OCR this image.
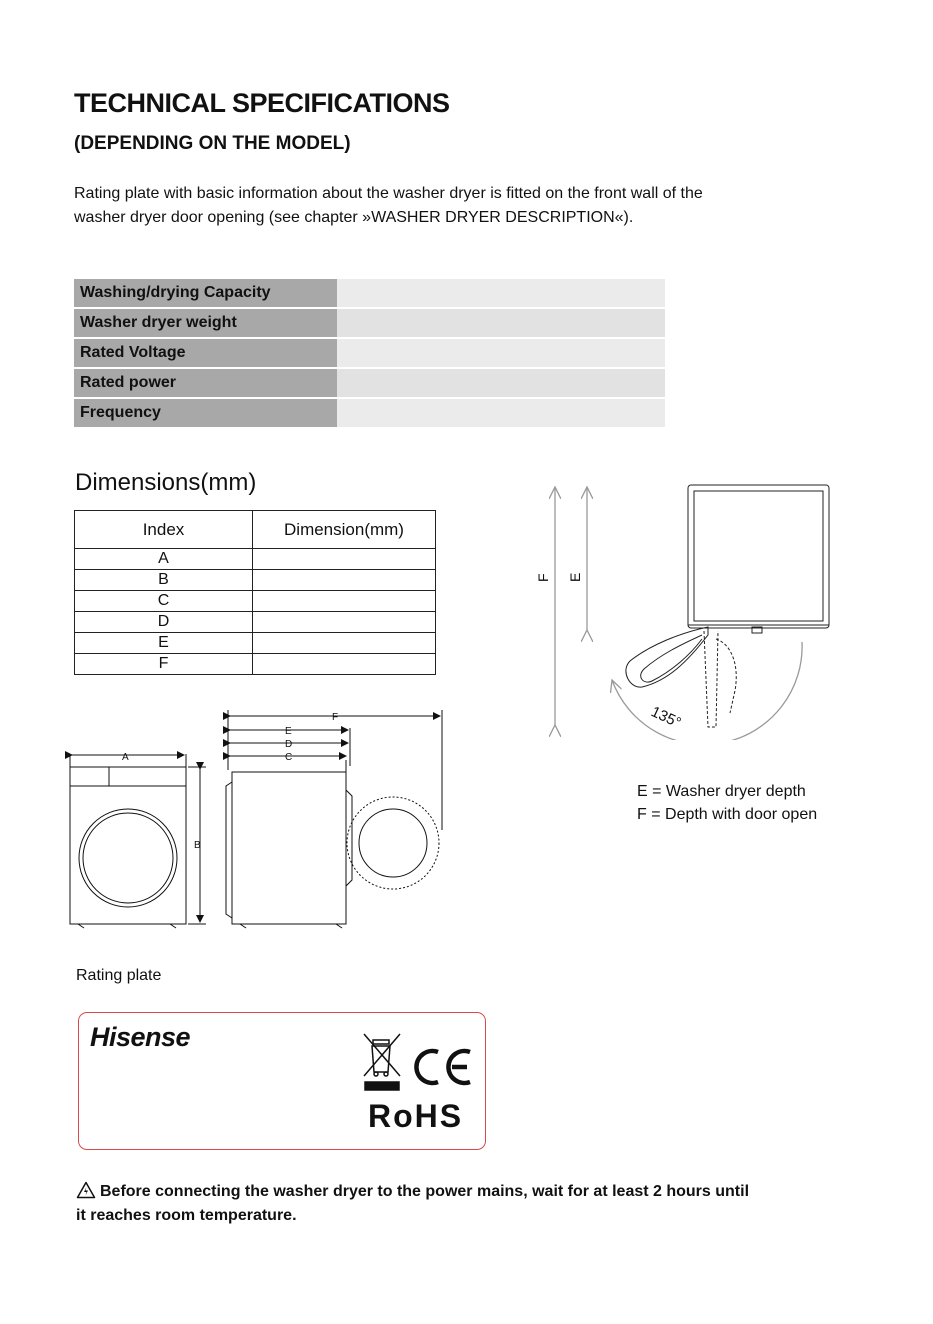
TECHNICAL SPECIFICATIONS
(DEPENDING ON THE MODEL)

Rating plate with basic information about the washer dryer is fitted on the front wall of the
washer dryer door opening (see chapter »WASHER DRYER DESCRIPTION«).

Washing/drying Capacity	
Washer dryer weight	
Rated Voltage	
Rated power	
Frequency	
Dimensions(mm)
Index	Dimension(mm)
A	
B	
C	
D	
E	
F	
A
B
C
D
E
F
F E
135°
E = Washer dryer depth
F = Depth with door open

Rating plate

Hisense
RoHS
Before connecting the washer dryer to the power mains, wait for at least 2 hours until
it reaches room temperature.
